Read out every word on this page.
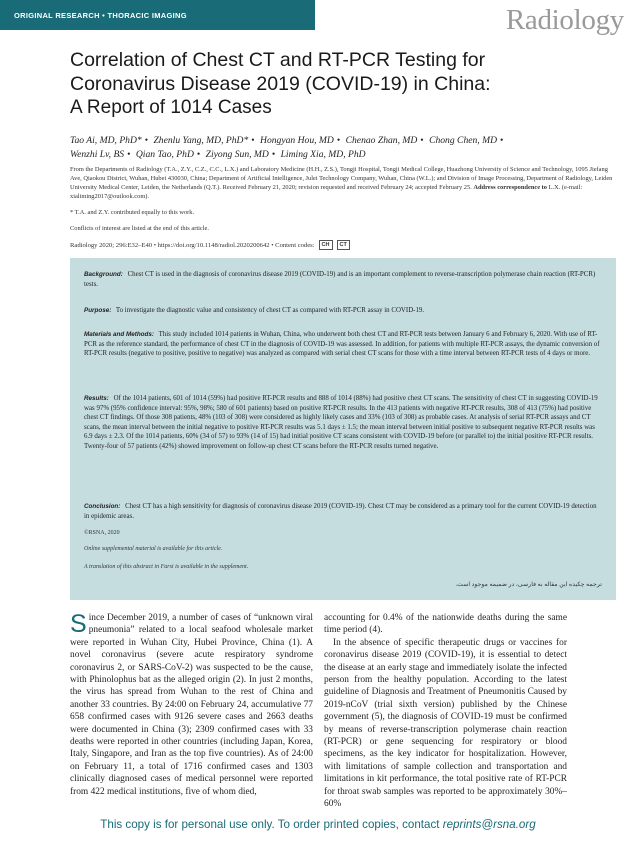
ORIGINAL RESEARCH • THORACIC IMAGING	Radiology
Correlation of Chest CT and RT-PCR Testing for
Coronavirus Disease 2019 (COVID-19) in China:
A Report of 1014 Cases
Tao Ai, MD, PhD* • Zhenlu Yang, MD, PhD* • Hongyan Hou, MD • Chenao Zhan, MD • Chong Chen, MD •
Wenzhi Lv, BS • Qian Tao, PhD • Ziyong Sun, MD • Liming Xia, MD, PhD
From the Departments of Radiology (T.A., Z.Y., C.Z., C.C., L.X.) and Laboratory Medicine (H.H., Z.S.), Tongji Hospital, Tongji Medical College, Huazhong University of Science and Technology, 1095 Jiefang Ave, Qiaokou District, Wuhan, Hubei 430030, China; Department of Artificial Intelligence, Julei Technology Company, Wuhan, China (W.L.); and Division of Image Processing, Department of Radiology, Leiden University Medical Center, Leiden, the Netherlands (Q.T.). Received February 21, 2020; revision requested and received February 24; accepted February 25. Address correspondence to L.X. (e-mail: xialiming2017@outlook.com).
* T.A. and Z.Y. contributed equally to this work.
Conflicts of interest are listed at the end of this article.
Radiology 2020; 296:E32–E40 • https://doi.org/10.1148/radiol.2020200642 • Content codes:	CH	CT

Background: Chest CT is used in the diagnosis of coronavirus disease 2019 (COVID-19) and is an important complement to reverse-transcription polymerase chain reaction (RT-PCR) tests.

Purpose: To investigate the diagnostic value and consistency of chest CT as compared with RT-PCR assay in COVID-19.

Materials and Methods: This study included 1014 patients in Wuhan, China, who underwent both chest CT and RT-PCR tests between January 6 and February 6, 2020. With use of RT-PCR as the reference standard, the performance of chest CT in the diagnosis of COVID-19 was assessed. In addition, for patients with multiple RT-PCR assays, the dynamic conversion of RT-PCR results (negative to positive, positive to negative) was analyzed as compared with serial chest CT scans for those with a time interval between RT-PCR tests of 4 days or more.

Results: Of the 1014 patients, 601 of 1014 (59%) had positive RT-PCR results and 888 of 1014 (88%) had positive chest CT scans. The sensitivity of chest CT in suggesting COVID-19 was 97% (95% confidence interval: 95%, 98%; 580 of 601 patients) based on positive RT-PCR results. In the 413 patients with negative RT-PCR results, 308 of 413 (75%) had positive chest CT findings. Of those 308 patients, 48% (103 of 308) were considered as highly likely cases and 33% (103 of 308) as probable cases. At analysis of serial RT-PCR assays and CT scans, the mean interval between the initial negative to positive RT-PCR results was 5.1 days ± 1.5; the mean interval between initial positive to subsequent negative RT-PCR results was 6.9 days ± 2.3. Of the 1014 patients, 60% (34 of 57) to 93% (14 of 15) had initial positive CT scans consistent with COVID-19 before (or parallel to) the initial positive RT-PCR results. Twenty-four of 57 patients (42%) showed improvement on follow-up chest CT scans before the RT-PCR results turned negative.

Conclusion: Chest CT has a high sensitivity for diagnosis of coronavirus disease 2019 (COVID-19). Chest CT may be considered as a primary tool for the current COVID-19 detection in epidemic areas.

©RSNA, 2020
Online supplemental material is available for this article.
A translation of this abstract in Farsi is available in the supplement.
ترجمه چکیده این مقاله به فارسی، در ضمیمه موجود است.

Since December 2019, a number of cases of “unknown viral pneumonia” related to a local seafood wholesale market were reported in Wuhan City, Hubei Province, China (1). A novel coronavirus (severe acute respiratory syndrome coronavirus 2, or SARS-CoV-2) was suspected to be the cause, with Phinolophus bat as the alleged origin (2). In just 2 months, the virus has spread from Wuhan to the rest of China and another 33 countries. By 24:00 on February 24, accumulative 77 658 confirmed cases with 9126 severe cases and 2663 deaths were documented in China (3); 2309 confirmed cases with 33 deaths were reported in other countries (including Japan, Korea, Italy, Singapore, and Iran as the top five countries). As of 24:00 on February 11, a total of 1716 confirmed cases and 1303 clinically diagnosed cases of medical personnel were reported from 422 medical institutions, five of whom died,

accounting for 0.4% of the nationwide deaths during the same time period (4).

In the absence of specific therapeutic drugs or vaccines for coronavirus disease 2019 (COVID-19), it is essential to detect the disease at an early stage and immediately isolate the infected person from the healthy population. According to the latest guideline of Diagnosis and Treatment of Pneumonitis Caused by 2019-nCoV (trial sixth version) published by the Chinese government (5), the diagnosis of COVID-19 must be confirmed by means of reverse-transcription polymerase chain reaction (RT-PCR) or gene sequencing for respiratory or blood specimens, as the key indicator for hospitalization. However, with limitations of sample collection and transportation and limitations in kit performance, the total positive rate of RT-PCR for throat swab samples was reported to be approximately 30%–60%

This copy is for personal use only. To order printed copies, contact reprints@rsna.org
